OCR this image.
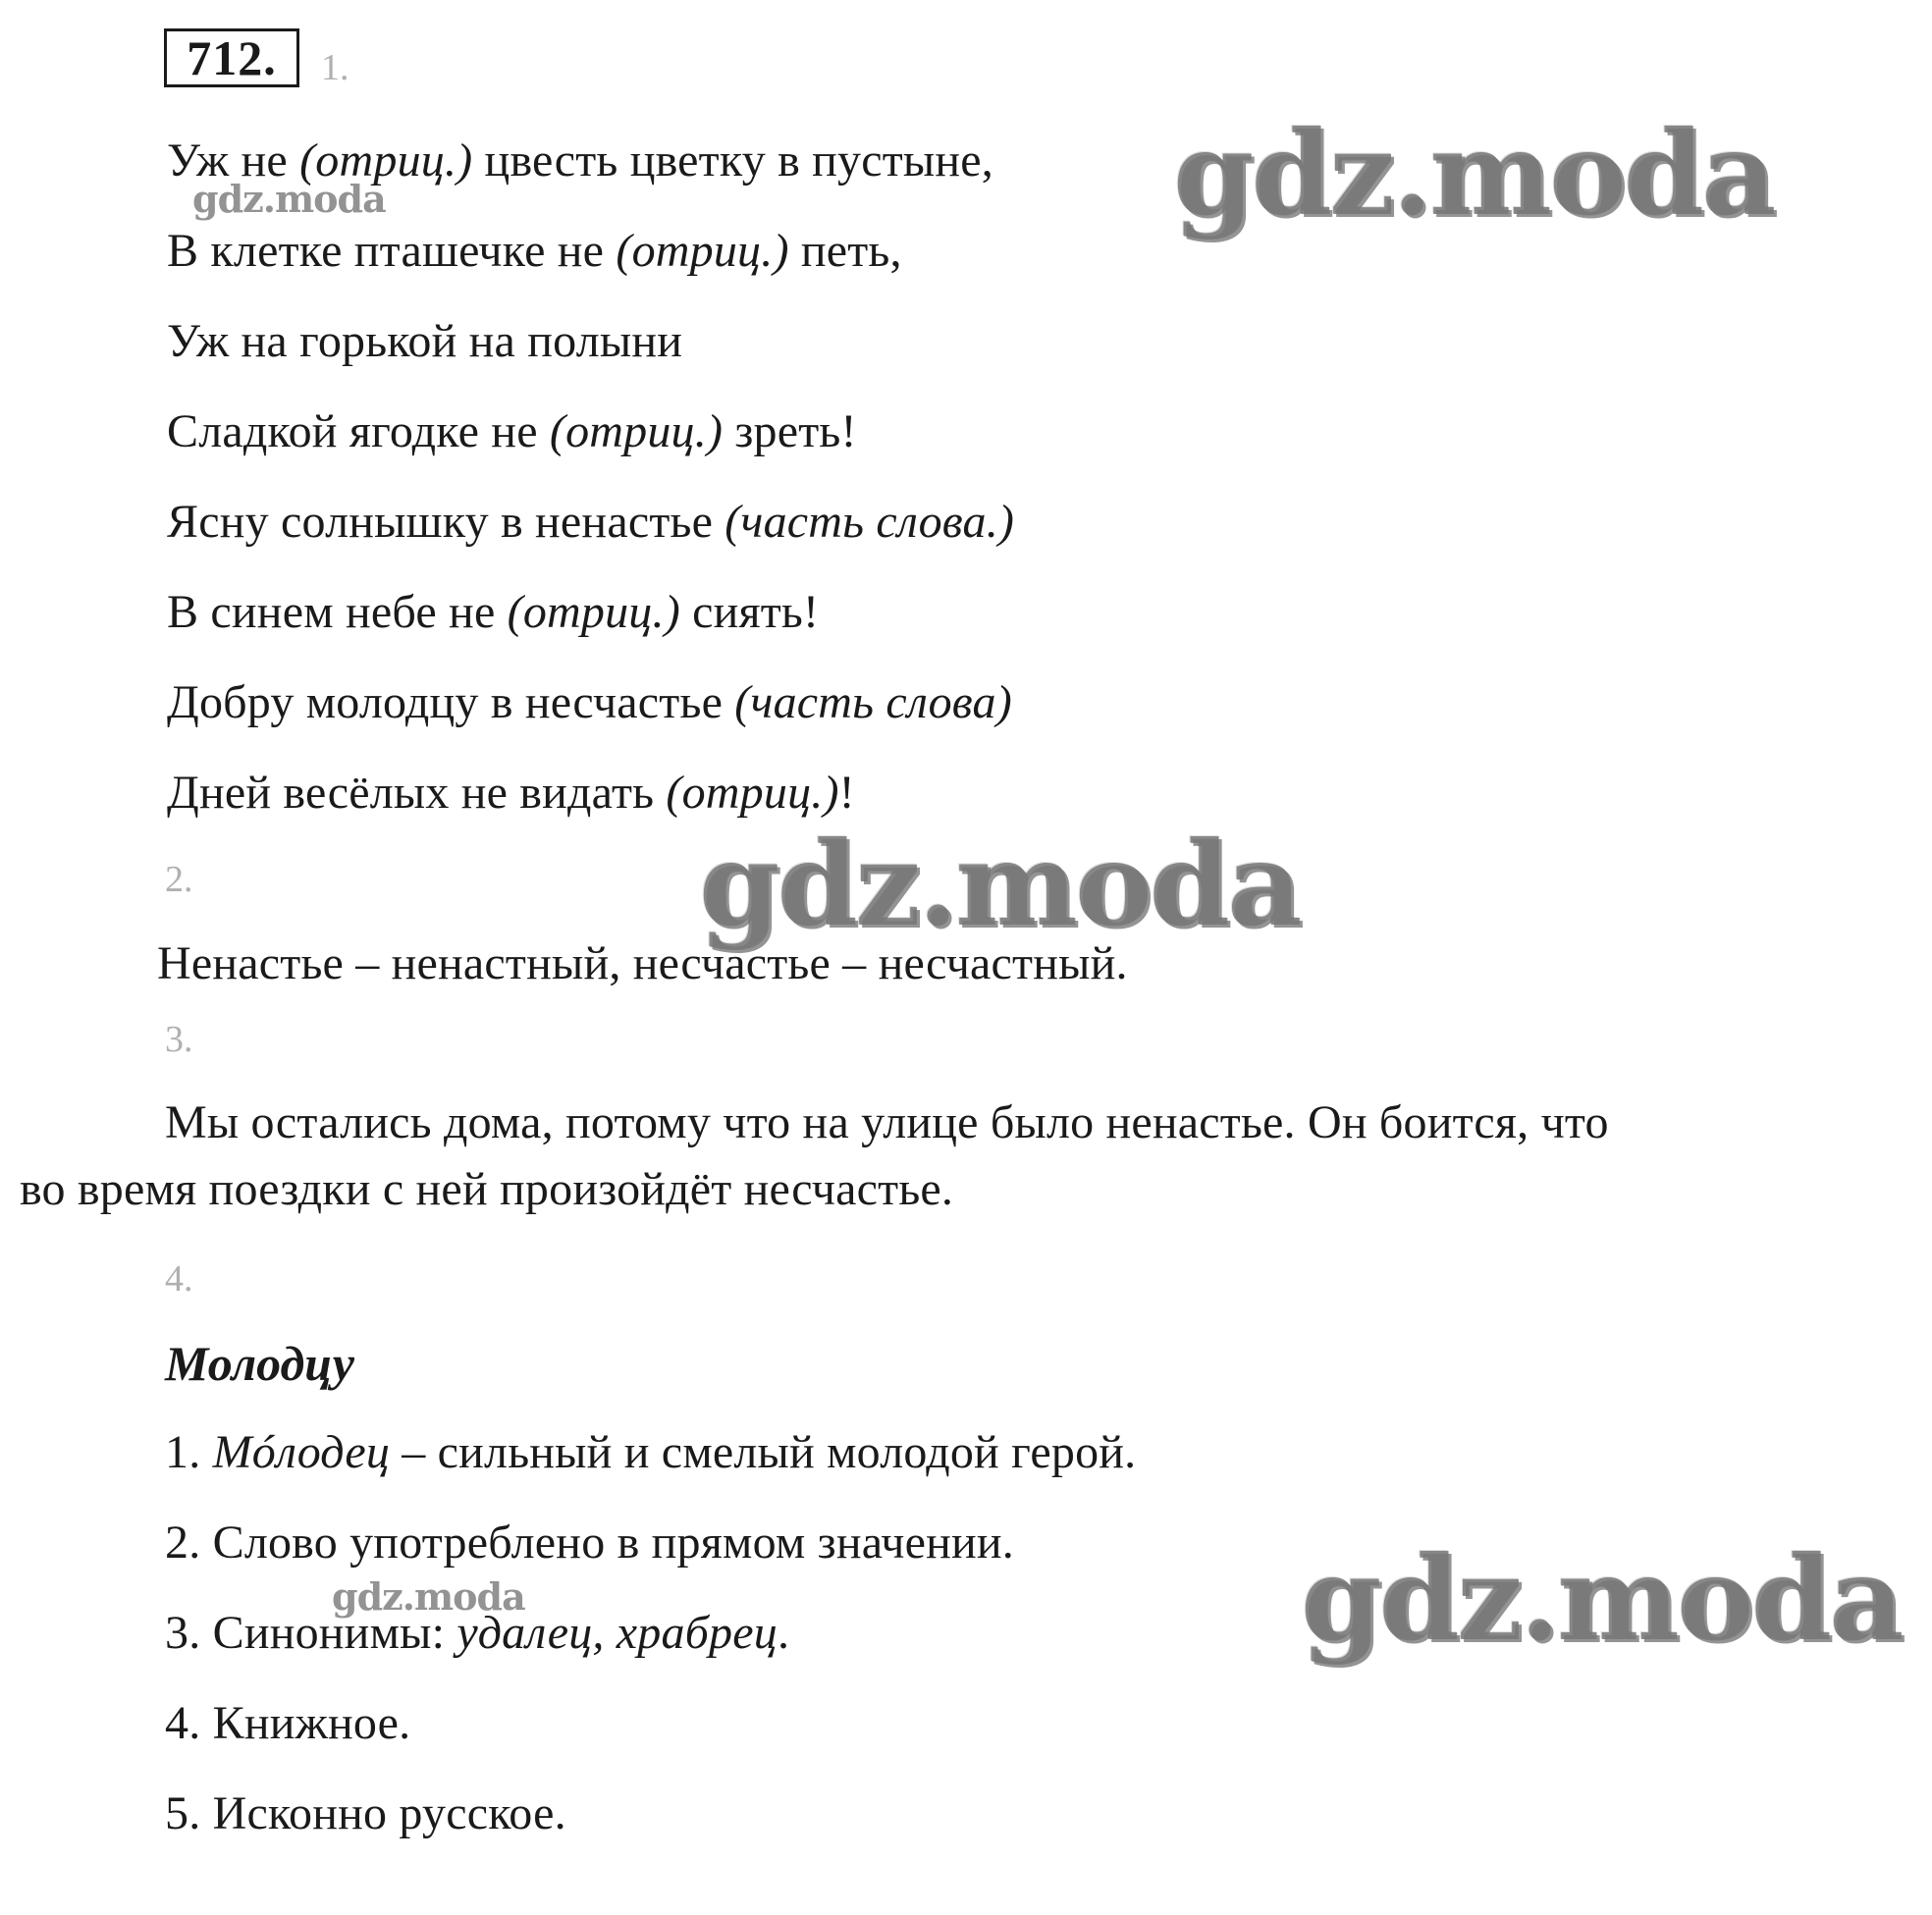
712.	1.
Уж не (отриц.) цвесть цветку в пустыне,
В клетке пташечке не (отриц.) петь,
Уж на горькой на полыни
Сладкой ягодке не (отриц.) зреть!
Ясну солнышку в ненастье (часть слова.)
В синем небе не (отриц.) сиять!
Добру молодцу в несчастье (часть слова)
Дней весёлых не видать (отриц.)!
2.
Ненастье – ненастный, несчастье – несчастный.
3.
Мы остались дома, потому что на улице было ненастье. Он боится, что
во время поездки с ней произойдёт несчастье.
4.
Молодцу
1. Мóлодец – сильный и смелый молодой герой.
2. Слово употреблено в прямом значении.
3. Синонимы: удалец, храбрец.
4. Книжное.
5. Исконно русское.
gdz.moda
gdz.moda
gdz.moda
gdz.moda	gdz.moda
